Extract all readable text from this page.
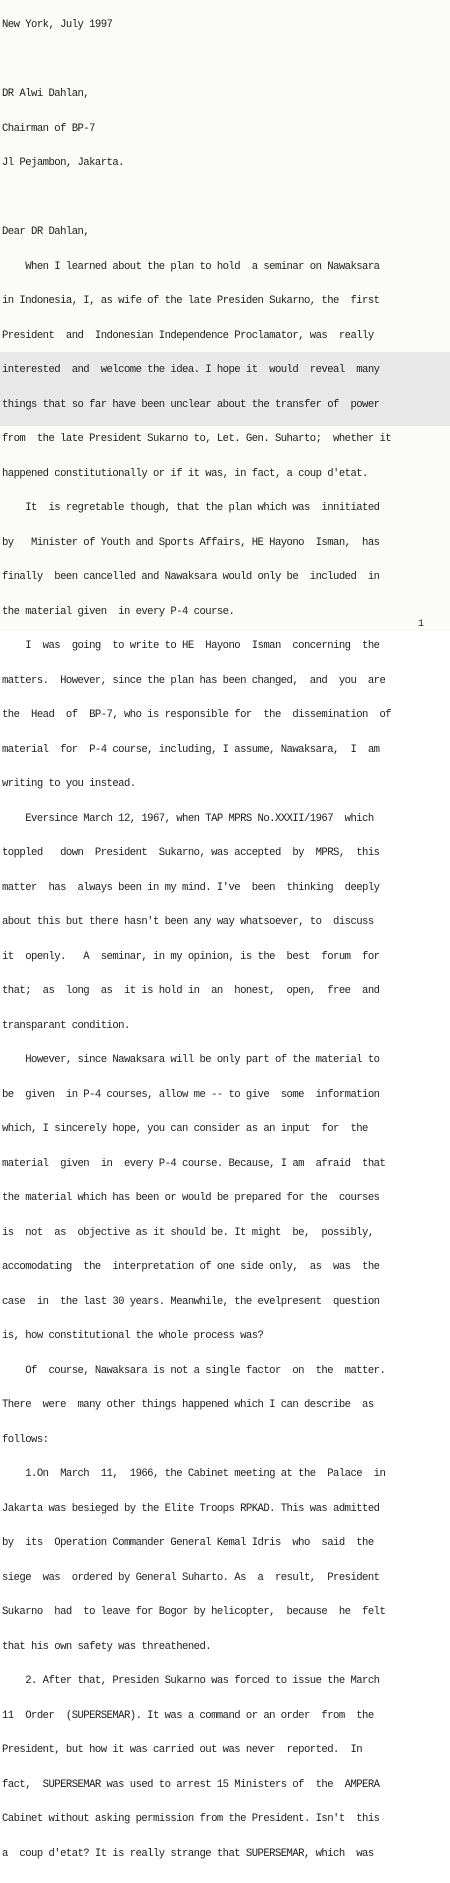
New York, July 1997

DR Alwi Dahlan,

Chairman of BP-7

Jl Pejambon, Jakarta.

Dear DR Dahlan,

When I learned about the plan to hold  a seminar on Nawaksara

in Indonesia, I, as wife of the late Presiden Sukarno, the  first

President  and  Indonesian Independence Proclamator, was  really

interested  and  welcome the idea. I hope it  would  reveal  many

things that so far have been unclear about the transfer of  power

from  the late President Sukarno to, Let. Gen. Suharto;  whether it

happened constitutionally or if it was, in fact, a coup d'etat.

It  is regretable though, that the plan which was  innitiated

by   Minister of Youth and Sports Affairs, HE Hayono  Isman,  has

finally  been cancelled and Nawaksara would only be  included  in

the material given  in every P-4 course.

I  was  going  to write to HE  Hayono  Isman  concerning  the

matters.  However, since the plan has been changed,  and  you  are

the  Head  of  BP-7, who is responsible for  the  dissemination  of

material  for  P-4 course, including, I assume, Nawaksara,  I  am

writing to you instead.

Eversince March 12, 1967, when TAP MPRS No.XXXII/1967  which

toppled   down  President  Sukarno, was accepted  by  MPRS,  this

matter  has  always been in my mind. I've  been  thinking  deeply

about this but there hasn't been any way whatsoever, to  discuss

it  openly.   A  seminar, in my opinion, is the  best  forum  for

that;  as  long  as  it is hold in  an  honest,  open,  free  and

transparant condition.

However, since Nawaksara will be only part of the material to

be  given  in P-4 courses, allow me -- to give  some  information

which, I sincerely hope, you can consider as an input  for  the

material  given  in  every P-4 course. Because, I am  afraid  that

the material which has been or would be prepared for the  courses

is  not  as  objective as it should be. It might  be,  possibly,

accomodating  the  interpretation of one side only,  as  was  the

case  in  the last 30 years. Meanwhile, the evelpresent  question

is, how constitutional the whole process was?

Of  course, Nawaksara is not a single factor  on  the  matter.

There  were  many other things happened which I can describe  as

follows:

1.On  March  11,  1966, the Cabinet meeting at the  Palace  in

Jakarta was besieged by the Elite Troops RPKAD. This was admitted

by  its  Operation Commander General Kemal Idris  who  said  the

siege  was  ordered by General Suharto. As  a  result,  President

Sukarno  had  to leave for Bogor by helicopter,  because  he  felt

that his own safety was threathened.

2. After that, Presiden Sukarno was forced to issue the March

11  Order  (SUPERSEMAR). It was a command or an order  from  the

President, but how it was carried out was never  reported.  In

fact,  SUPERSEMAR was used to arrest 15 Ministers of  the  AMPERA

Cabinet without asking permission from the President. Isn't  this

a  coup d'etat? It is really strange that SUPERSEMAR, which  was

1
